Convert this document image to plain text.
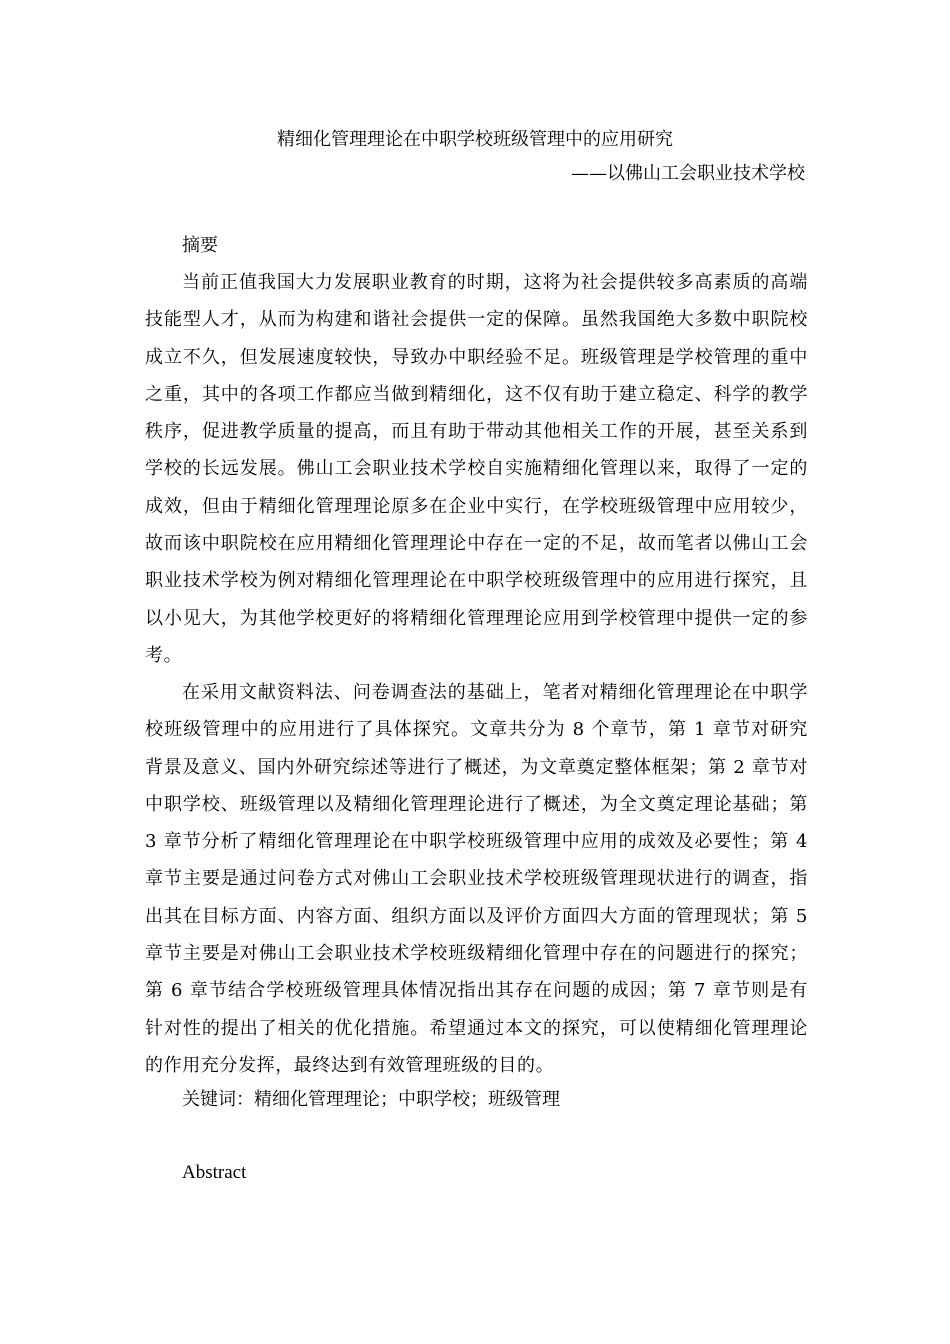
精细化管理理论在中职学校班级管理中的应用研究

——以佛山工会职业技术学校

摘要

当前正值我国大力发展职业教育的时期，这将为社会提供较多高素质的高端技能型人才，从而为构建和谐社会提供一定的保障。虽然我国绝大多数中职院校成立不久，但发展速度较快，导致办中职经验不足。班级管理是学校管理的重中之重，其中的各项工作都应当做到精细化，这不仅有助于建立稳定、科学的教学秩序，促进教学质量的提高，而且有助于带动其他相关工作的开展，甚至关系到学校的长远发展。佛山工会职业技术学校自实施精细化管理以来，取得了一定的成效，但由于精细化管理理论原多在企业中实行，在学校班级管理中应用较少，故而该中职院校在应用精细化管理理论中存在一定的不足，故而笔者以佛山工会职业技术学校为例对精细化管理理论在中职学校班级管理中的应用进行探究，且以小见大，为其他学校更好的将精细化管理理论应用到学校管理中提供一定的参考。

在采用文献资料法、问卷调查法的基础上，笔者对精细化管理理论在中职学校班级管理中的应用进行了具体探究。文章共分为 8 个章节，第 1 章节对研究背景及意义、国内外研究综述等进行了概述，为文章奠定整体框架；第 2 章节对中职学校、班级管理以及精细化管理理论进行了概述，为全文奠定理论基础；第 3 章节分析了精细化管理理论在中职学校班级管理中应用的成效及必要性；第 4 章节主要是通过问卷方式对佛山工会职业技术学校班级管理现状进行的调查，指出其在目标方面、内容方面、组织方面以及评价方面四大方面的管理现状；第 5 章节主要是对佛山工会职业技术学校班级精细化管理中存在的问题进行的探究；第 6 章节结合学校班级管理具体情况指出其存在问题的成因；第 7 章节则是有针对性的提出了相关的优化措施。希望通过本文的探究，可以使精细化管理理论的作用充分发挥，最终达到有效管理班级的目的。

关键词：精细化管理理论；中职学校；班级管理

Abstract
